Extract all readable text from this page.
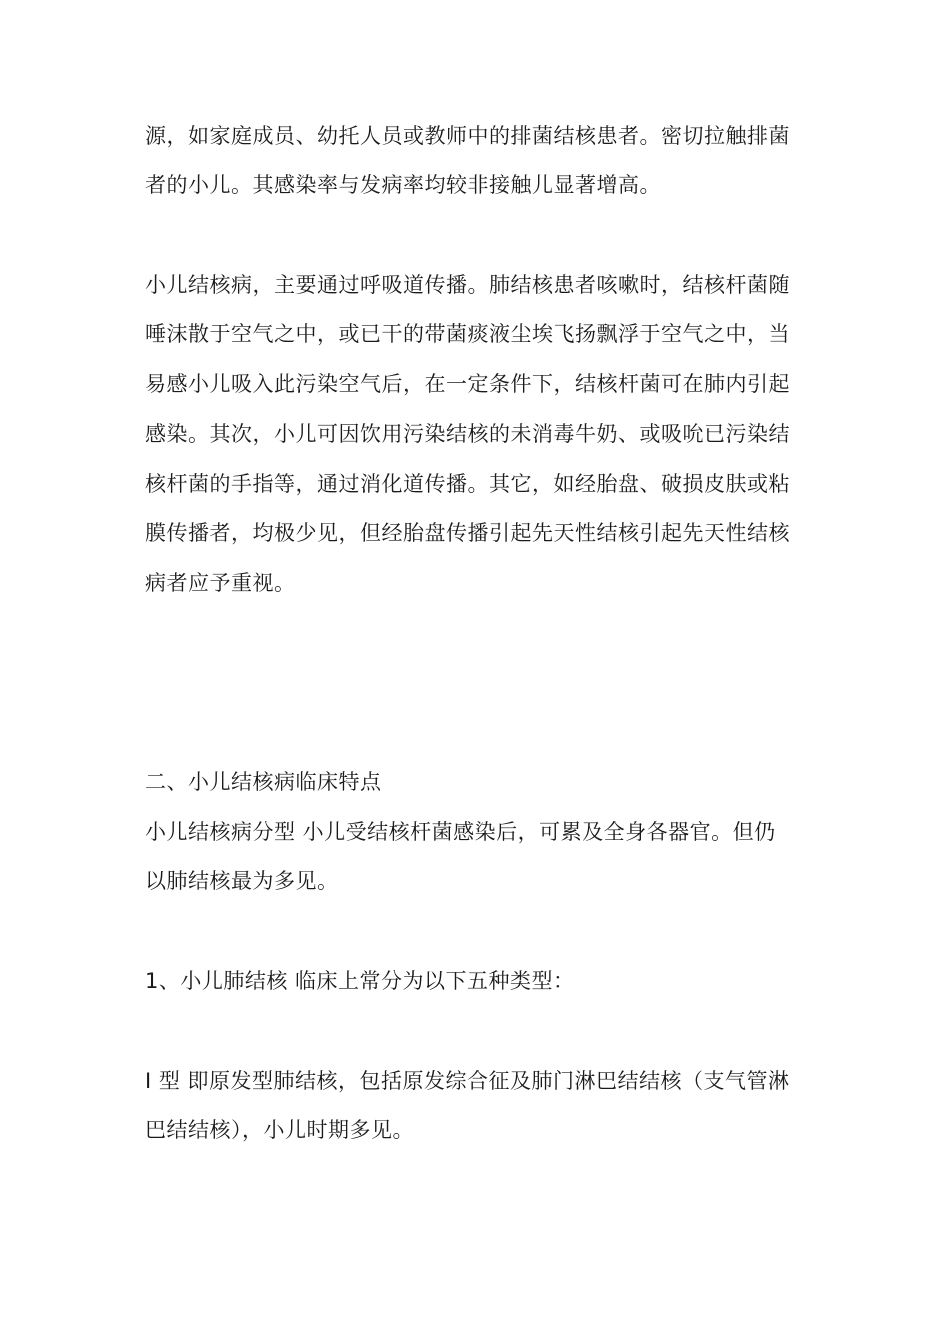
源，如家庭成员、幼托人员或教师中的排菌结核患者。密切拉触排菌
者的小儿。其感染率与发病率均较非接触儿显著增高。
小儿结核病，主要通过呼吸道传播。肺结核患者咳嗽时，结核杆菌随
唾沫散于空气之中，或已干的带菌痰液尘埃飞扬飘浮于空气之中，当
易感小儿吸入此污染空气后，在一定条件下，结核杆菌可在肺内引起
感染。其次，小儿可因饮用污染结核的未消毒牛奶、或吸吮已污染结
核杆菌的手指等，通过消化道传播。其它，如经胎盘、破损皮肤或粘
膜传播者，均极少见，但经胎盘传播引起先天性结核引起先天性结核
病者应予重视。
二、小儿结核病临床特点
小儿结核病分型 小儿受结核杆菌感染后，可累及全身各器官。但仍
以肺结核最为多见。
1、小儿肺结核 临床上常分为以下五种类型：
I 型 即原发型肺结核，包括原发综合征及肺门淋巴结结核（支气管淋
巴结结核），小儿时期多见。
